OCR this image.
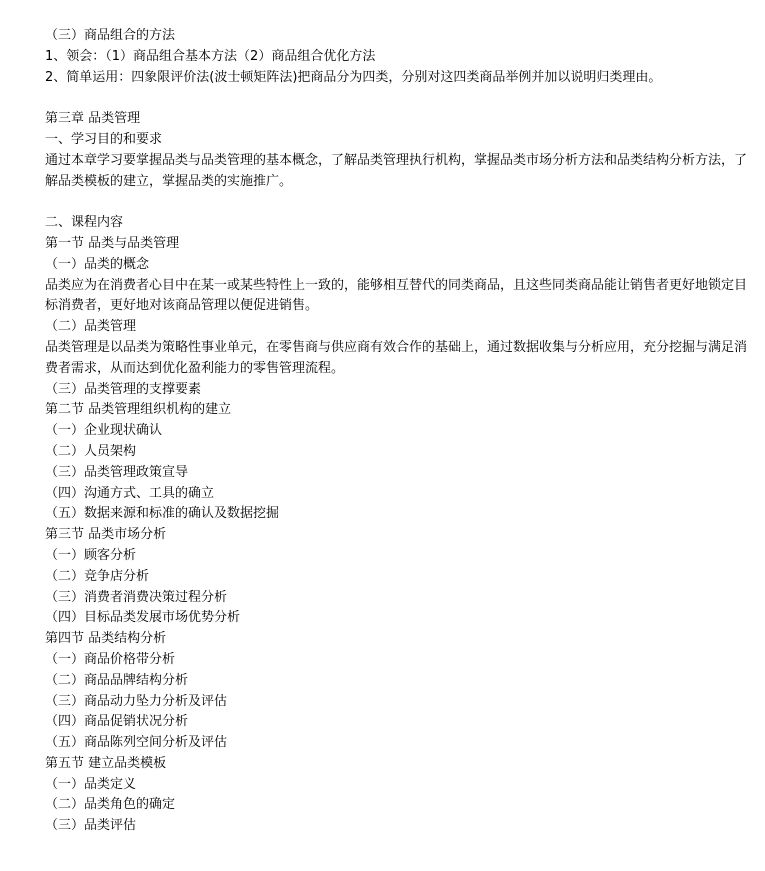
（三）商品组合的方法
1、领会：（1）商品组合基本方法（2）商品组合优化方法
2、简单运用：四象限评价法(波士顿矩阵法)把商品分为四类，分别对这四类商品举例并加以说明归类理由。
第三章 品类管理
一、学习目的和要求
通过本章学习要掌握品类与品类管理的基本概念，了解品类管理执行机构，掌握品类市场分析方法和品类结构分析方法，了解品类模板的建立，掌握品类的实施推广。
二、课程内容
第一节 品类与品类管理
（一）品类的概念
品类应为在消费者心目中在某一或某些特性上一致的，能够相互替代的同类商品，且这些同类商品能让销售者更好地锁定目标消费者，更好地对该商品管理以便促进销售。
（二）品类管理
品类管理是以品类为策略性事业单元，在零售商与供应商有效合作的基础上，通过数据收集与分析应用，充分挖掘与满足消费者需求，从而达到优化盈利能力的零售管理流程。
（三）品类管理的支撑要素
第二节 品类管理组织机构的建立
（一）企业现状确认
（二）人员架构
（三）品类管理政策宣导
（四）沟通方式、工具的确立
（五）数据来源和标准的确认及数据挖掘
第三节 品类市场分析
（一）顾客分析
（二）竞争店分析
（三）消费者消费决策过程分析
（四）目标品类发展市场优势分析
第四节 品类结构分析
（一）商品价格带分析
（二）商品品牌结构分析
（三）商品动力坠力分析及评估
（四）商品促销状况分析
（五）商品陈列空间分析及评估
第五节 建立品类模板
（一）品类定义
（二）品类角色的确定
（三）品类评估
